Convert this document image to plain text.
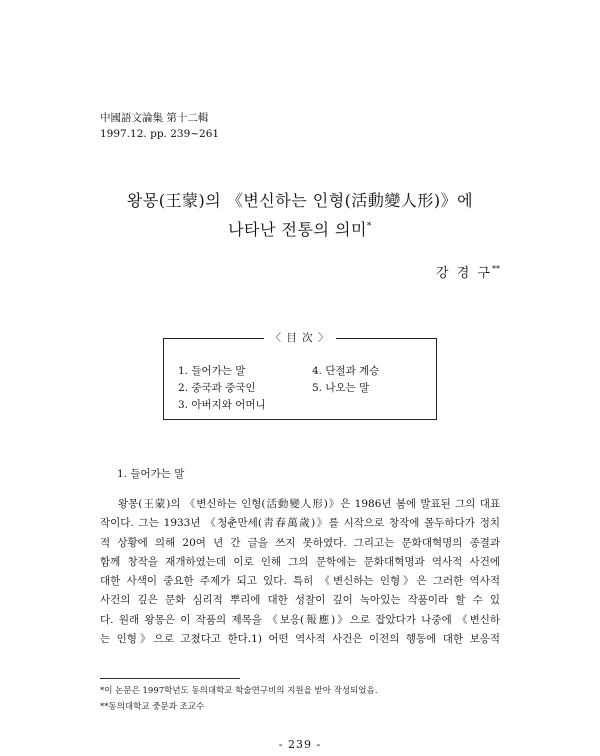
中國語文論集 第十二輯
1997.12. pp. 239~261
왕몽(王蒙)의 《변신하는 인형(活動變人形)》에
나타난 전통의 의미*
강 경 구**
〈 目 次 〉
1. 들어가는 말
2. 중국과 중국인
3. 아버지와 어머니
4. 단절과 계승
5. 나오는 말
1. 들어가는 말
왕몽(王蒙)의 《변신하는 인형(活動變人形)》은 1986년 봄에 발표된 그의 대표
작이다. 그는 1933년 《청춘만세(靑春萬歲)》를 시작으로 창작에 몰두하다가 정치
적 상황에 의해 20여 년 간 글을 쓰지 못하였다. 그리고는 문화대혁명의 종결과
함께 창작을 재개하였는데 이로 인해 그의 문학에는 문화대혁명과 역사적 사건에
대한 사색이 중요한 주제가 되고 있다. 특히 《변신하는 인형》은 그러한 역사적
사건의 깊은 문화 심리적 뿌리에 대한 성찰이 깊이 녹아있는 작품이라 할 수 있
다. 원래 왕몽은 이 작품의 제목을 《보응(報應)》으로 잡았다가 나중에 《변신하
는 인형》으로 고쳤다고 한다.1) 어떤 역사적 사건은 이전의 행동에 대한 보응적
*이 논문은 1997학년도 동의대학교 학술연구비의 지원을 받아 작성되었음.
**동의대학교 중문과 조교수
- 239 -
